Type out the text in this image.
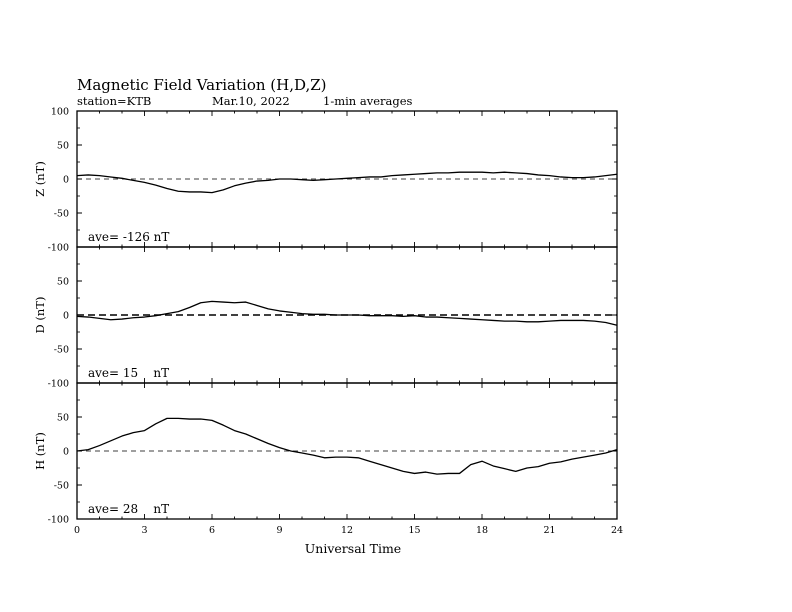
Magnetic Field Variation (H,D,Z)
station=KTB	Mar.10, 2022	1-min averages
100
50
0
-50
-100
Z (nT)
ave= -126 nT
50
0
-50
-100
D (nT)
ave= 15    nT
50
0
-50
-100
H (nT)
ave= 28    nT
0	3	6	9	12	15	18	21	24
Universal Time
